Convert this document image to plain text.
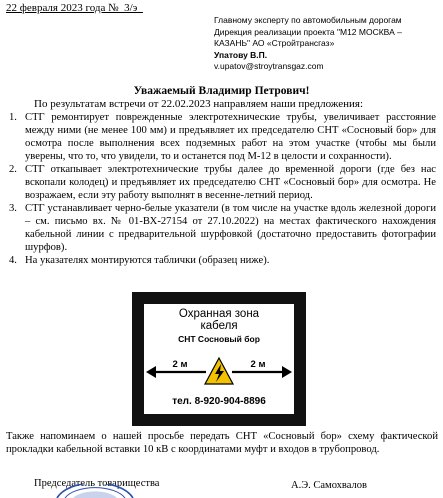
22 февраля 2023 года №_3/э_
Главному эксперту по автомобильным дорогам
Дирекция реализации проекта "М12 МОСКВА –
КАЗАНЬ" АО «Стройтрансгаз»
Упатову В.П.
v.upatov@stroytransgaz.com
Уважаемый Владимир Петрович!
По результатам встречи от 22.02.2023 направляем наши предложения:
1. СТГ ремонтирует поврежденные электротехнические трубы, увеличивает расстояние между ними (не менее 100 мм) и предъявляет их председателю СНТ «Сосновый бор» для осмотра после выполнения всех подземных работ на этом участке (чтобы мы были уверены, что то, что увидели, то и останется под М-12 в целости и сохранности).
2. СТГ откапывает электротехнические трубы далее до временной дороги (где без нас вскопали колодец) и предъявляет их председателю СНТ «Сосновый бор» для осмотра. Не возражаем, если эту работу выполнят в весенне-летний период.
3. СТГ устанавливает черно-белые указатели (в том числе на участке вдоль железной дороги – см. письмо вх. № 01-ВХ-27154 от 27.10.2022) на местах фактического нахождения кабельной линии с предварительной шурфовкой (достаточно предоставить фотографии шурфов).
4. На указателях монтируются таблички (образец ниже).
Охранная зона
кабеля
СНТ Сосновый бор
2 м	2 м
тел. 8-920-904-8896
Также напоминаем о нашей просьбе передать СНТ «Сосновый бор» схему фактической прокладки кабельной вставки 10 кВ с координатами муфт и входов в трубопровод.
Председатель товарищества	А.Э. Самохвалов
